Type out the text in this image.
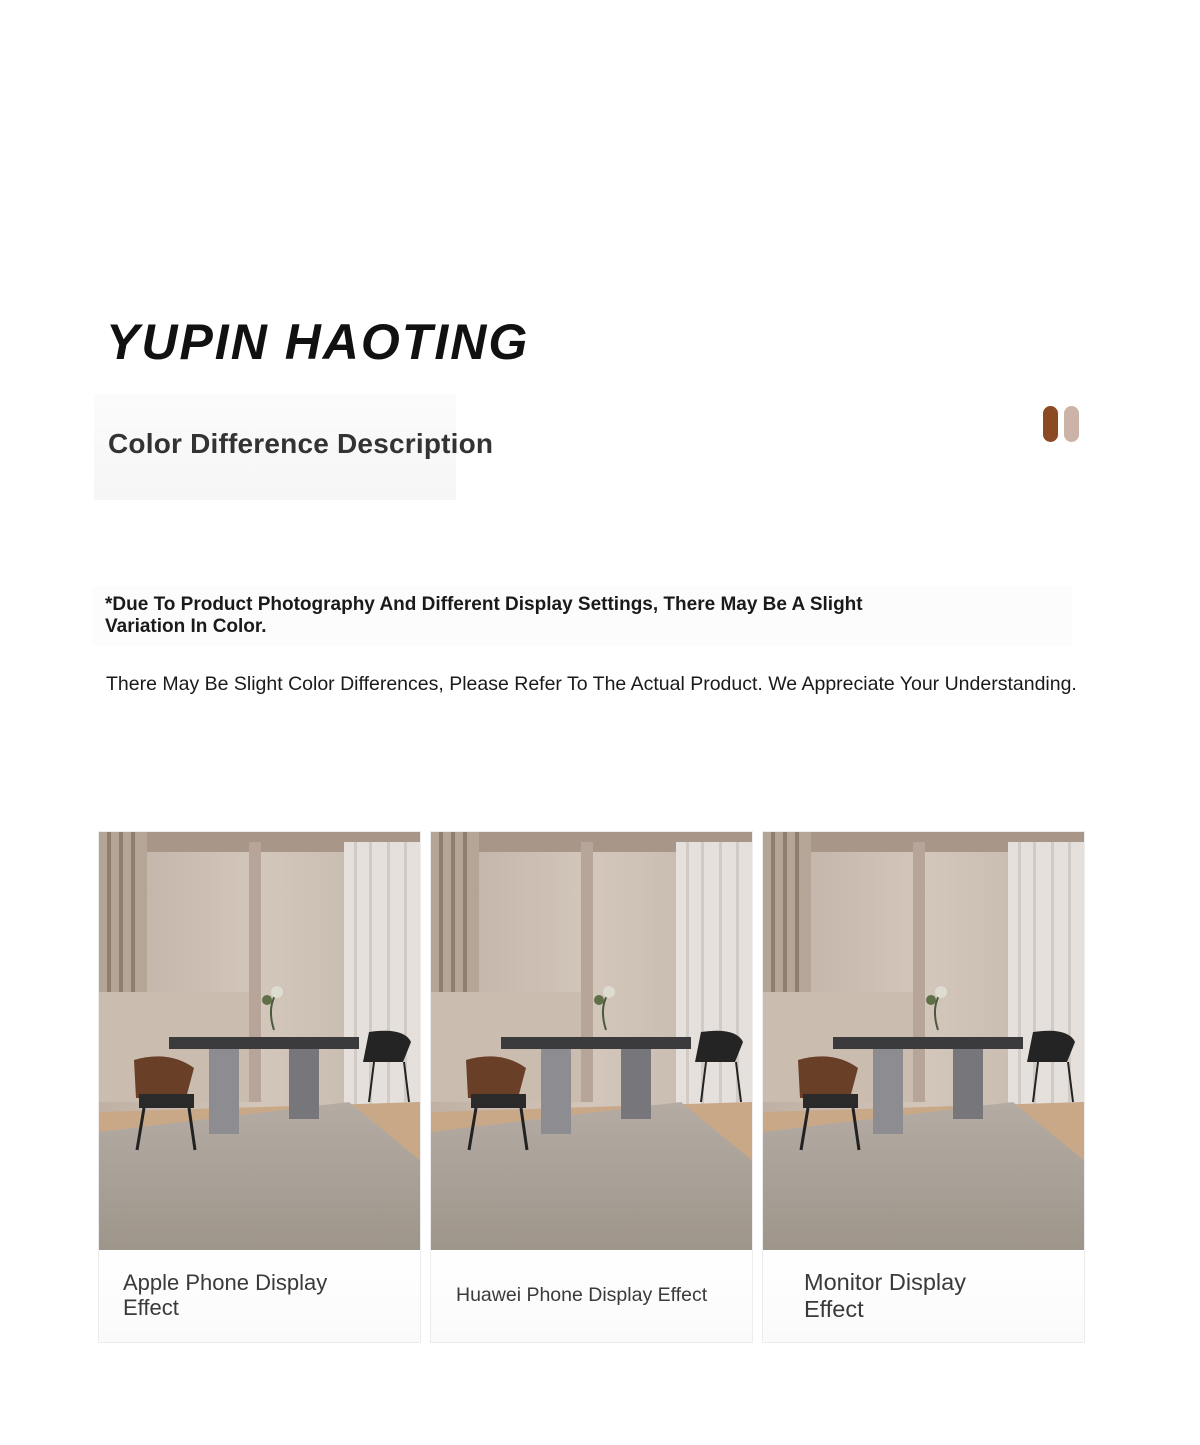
YUPIN HAOTING
Color Difference Description

*Due To Product Photography And Different Display Settings, There May Be A Slight Variation In Color.

There May Be Slight Color Differences, Please Refer To The Actual Product. We Appreciate Your Understanding.

Apple Phone Display Effect	Huawei Phone Display Effect	Monitor Display Effect
